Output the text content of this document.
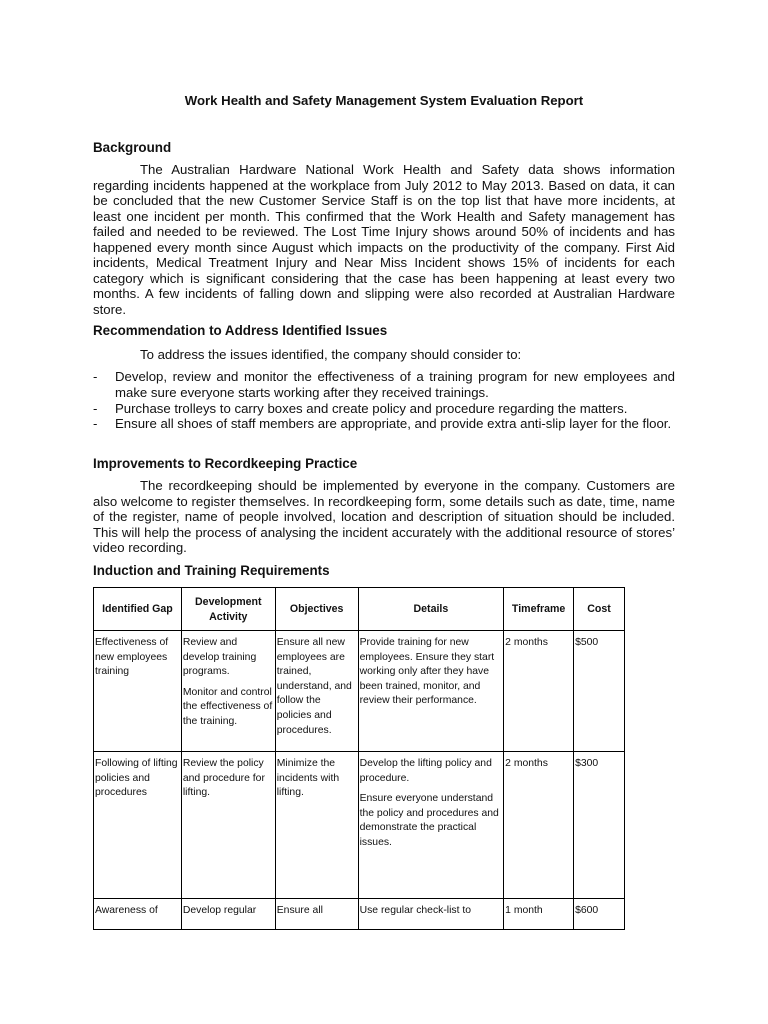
Work Health and Safety Management System Evaluation Report
Background

The Australian Hardware National Work Health and Safety data shows information regarding incidents happened at the workplace from July 2012 to May 2013. Based on data, it can be concluded that the new Customer Service Staff is on the top list that have more incidents, at least one incident per month. This confirmed that the Work Health and Safety management has failed and needed to be reviewed. The Lost Time Injury shows around 50% of incidents and has happened every month since August which impacts on the productivity of the company. First Aid incidents, Medical Treatment Injury and Near Miss Incident shows 15% of incidents for each category which is significant considering that the case has been happening at least every two months. A few incidents of falling down and slipping were also recorded at Australian Hardware store.

Recommendation to Address Identified Issues

To address the issues identified, the company should consider to:

- Develop, review and monitor the effectiveness of a training program for new employees and make sure everyone starts working after they received trainings.
- Purchase trolleys to carry boxes and create policy and procedure regarding the matters.
- Ensure all shoes of staff members are appropriate, and provide extra anti-slip layer for the floor.
Improvements to Recordkeeping Practice

The recordkeeping should be implemented by everyone in the company. Customers are also welcome to register themselves. In recordkeeping form, some details such as date, time, name of the register, name of people involved, location and description of situation should be included. This will help the process of analysing the incident accurately with the additional resource of stores’ video recording.

Induction and Training Requirements
Identified Gap	Development Activity	Objectives	Details	Timeframe	Cost
Effectiveness of new employees training	Review and develop training programs.

Monitor and control the effectiveness of the training.	Ensure all new employees are trained, understand, and follow the policies and procedures.	Provide training for new employees. Ensure they start working only after they have been trained, monitor, and review their performance.	2 months	$500
Following of lifting policies and procedures	Review the policy and procedure for lifting.	Minimize the incidents with lifting.	Develop the lifting policy and procedure.

Ensure everyone understand the policy and procedures and demonstrate the practical issues.	2 months	$300
Awareness of	Develop regular	Ensure all	Use regular check-list to	1 month	$600
